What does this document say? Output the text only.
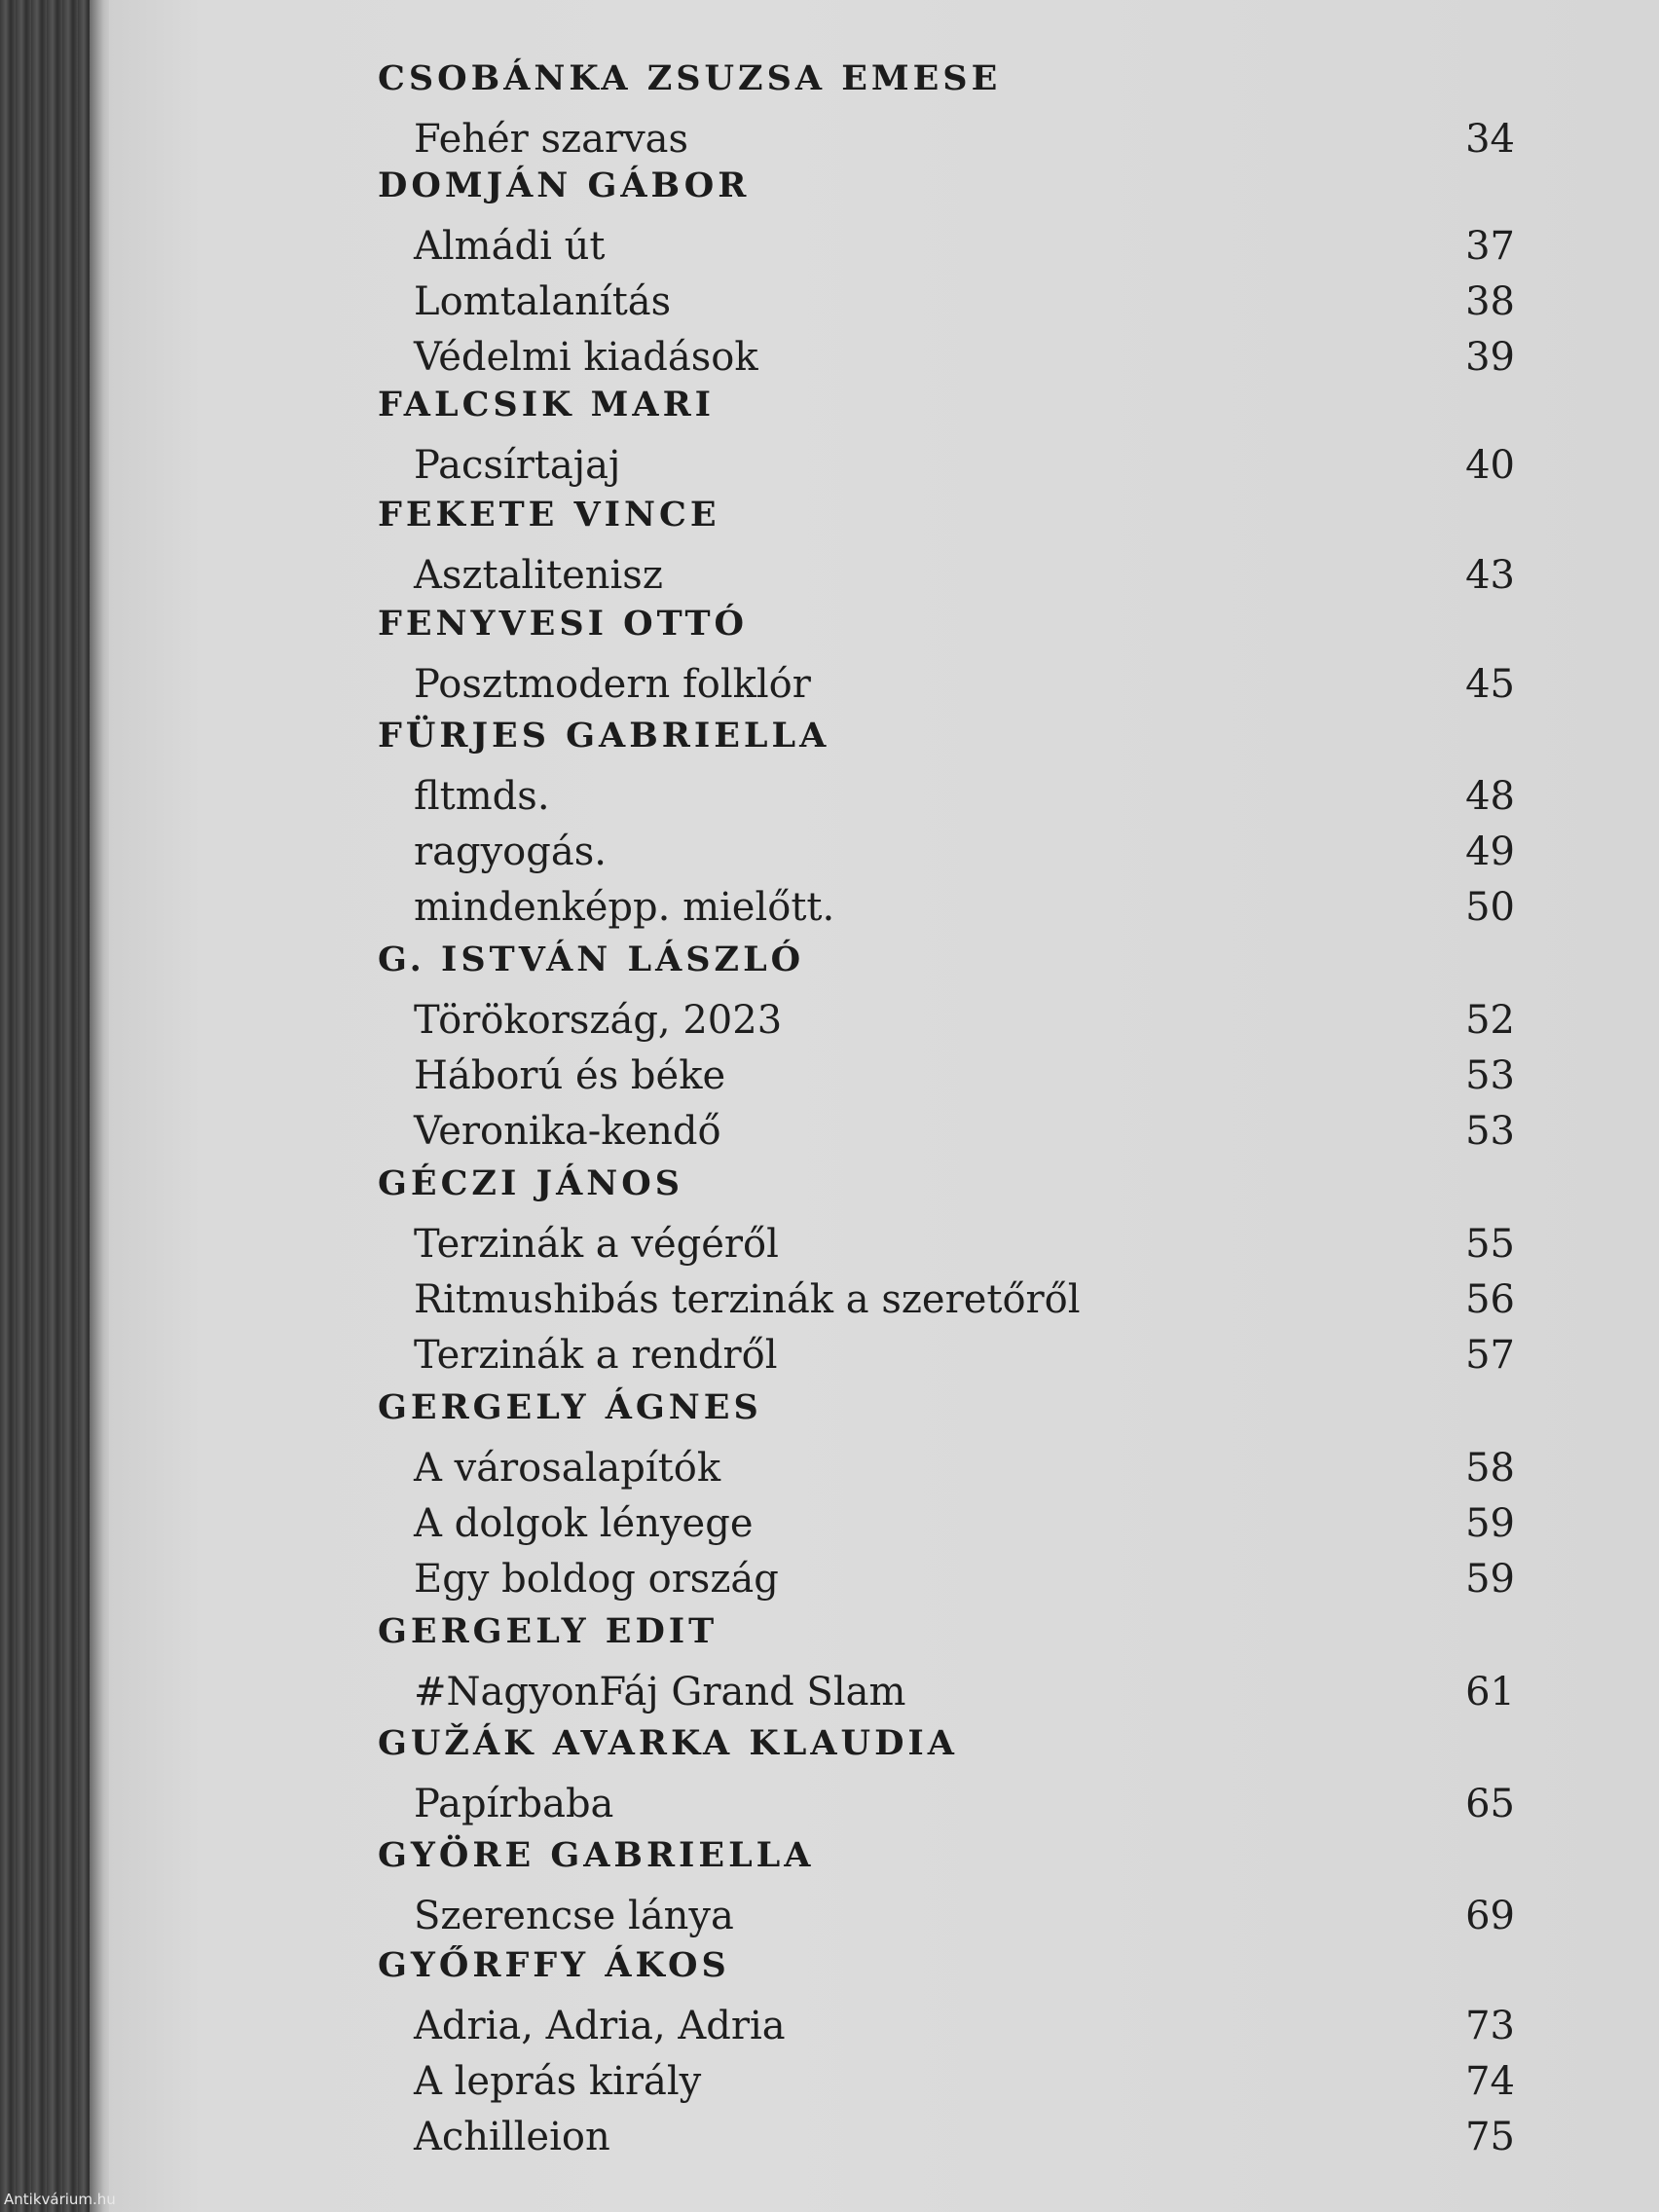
CSOBÁNKA ZSUZSA EMESE
Fehér szarvas	34
DOMJÁN GÁBOR
Almádi út	37
Lomtalanítás	38
Védelmi kiadások	39
FALCSIK MARI
Pacsírtajaj	40
FEKETE VINCE
Asztalitenisz	43
FENYVESI OTTÓ
Posztmodern folklór	45
FÜRJES GABRIELLA
fltmds.	48
ragyogás.	49
mindenképp. mielőtt.	50
G. ISTVÁN LÁSZLÓ
Törökország, 2023	52
Háború és béke	53
Veronika-kendő	53
GÉCZI JÁNOS
Terzinák a végéről	55
Ritmushibás terzinák a szeretőről	56
Terzinák a rendről	57
GERGELY ÁGNES
A városalapítók	58
A dolgok lényege	59
Egy boldog ország	59
GERGELY EDIT
#NagyonFáj Grand Slam	61
GUŽÁK AVARKA KLAUDIA
Papírbaba	65
GYÖRE GABRIELLA
Szerencse lánya	69
GYŐRFFY ÁKOS
Adria, Adria, Adria	73
A leprás király	74
Achilleion	75
Antikvárium.hu
